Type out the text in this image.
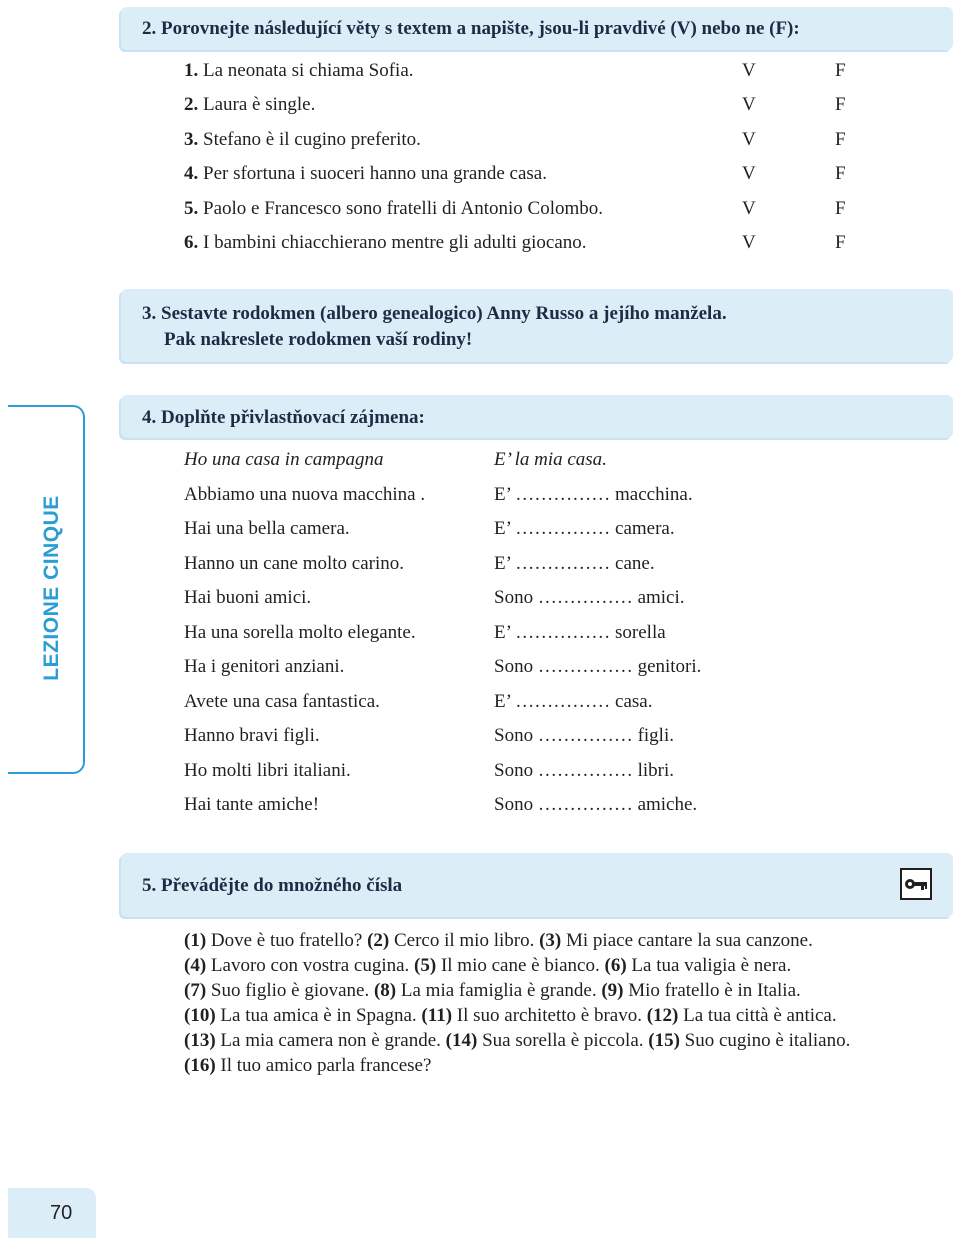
2. Porovnejte následující věty s textem a napište, jsou-li pravdivé (V) nebo ne (F):
1. La neonata si chiama Sofia.	V	F
2. Laura è single.	V	F
3. Stefano è il cugino preferito.	V	F
4. Per sfortuna i suoceri hanno una grande casa.	V	F
5. Paolo e Francesco sono fratelli di Antonio Colombo.	V	F
6. I bambini chiacchierano mentre gli adulti giocano.	V	F
3. Sestavte rodokmen (albero genealogico) Anny Russo a jejího manžela.
Pak nakreslete rodokmen vaší rodiny!
LEZIONE CINQUE
4. Doplňte přivlastňovací zájmena:
Ho una casa in campagna	E’ la mia casa.
Abbiamo una nuova macchina .	E’ …………… macchina.
Hai una bella camera.	E’ …………… camera.
Hanno un cane molto carino.	E’ …………… cane.
Hai buoni amici.	Sono …………… amici.
Ha una sorella molto elegante.	E’ …………… sorella
Ha i genitori anziani.	Sono …………… genitori.
Avete una casa fantastica.	E’ …………… casa.
Hanno bravi figli.	Sono …………… figli.
Ho molti libri italiani.	Sono …………… libri.
Hai tante amiche!	Sono …………… amiche.
5. Převádějte do množného čísla
(1) Dove è tuo fratello? (2) Cerco il mio libro. (3) Mi piace cantare la sua canzone.
(4) Lavoro con vostra cugina. (5) Il mio cane è bianco. (6) La tua valigia è nera.
(7) Suo figlio è giovane. (8) La mia famiglia è grande. (9) Mio fratello è in Italia.
(10) La tua amica è in Spagna. (11) Il suo architetto è bravo. (12) La tua città è antica.
(13) La mia camera non è grande. (14) Sua sorella è piccola. (15) Suo cugino è italiano.
(16) Il tuo amico parla francese?
70
